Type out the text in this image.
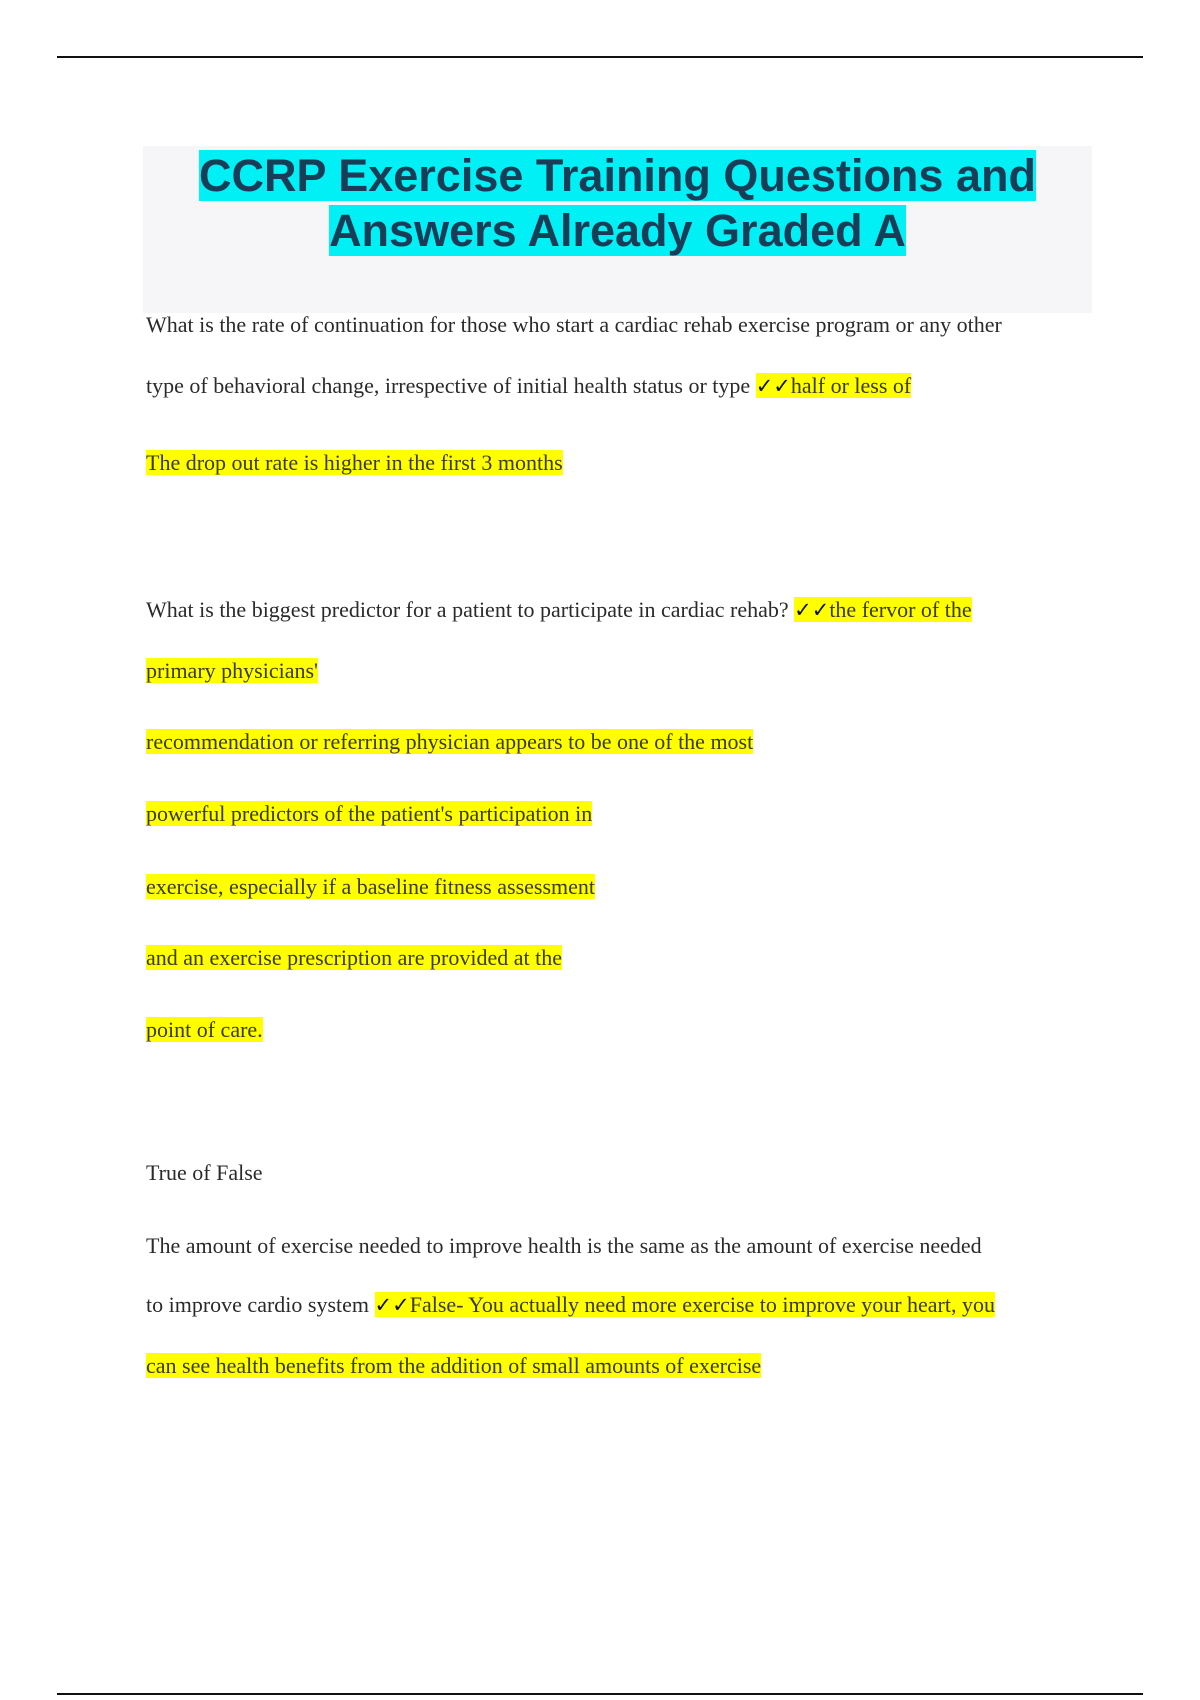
CCRP Exercise Training Questions and
Answers Already Graded A
What is the rate of continuation for those who start a cardiac rehab exercise program or any other
type of behavioral change, irrespective of initial health status or type ✓✓half or less of
The drop out rate is higher in the first 3 months
What is the biggest predictor for a patient to participate in cardiac rehab? ✓✓the fervor of the
primary physicians'
recommendation or referring physician appears to be one of the most
powerful predictors of the patient's participation in
exercise, especially if a baseline fitness assessment
and an exercise prescription are provided at the
point of care.
True of False
The amount of exercise needed to improve health is the same as the amount of exercise needed
to improve cardio system ✓✓False- You actually need more exercise to improve your heart, you
can see health benefits from the addition of small amounts of exercise
